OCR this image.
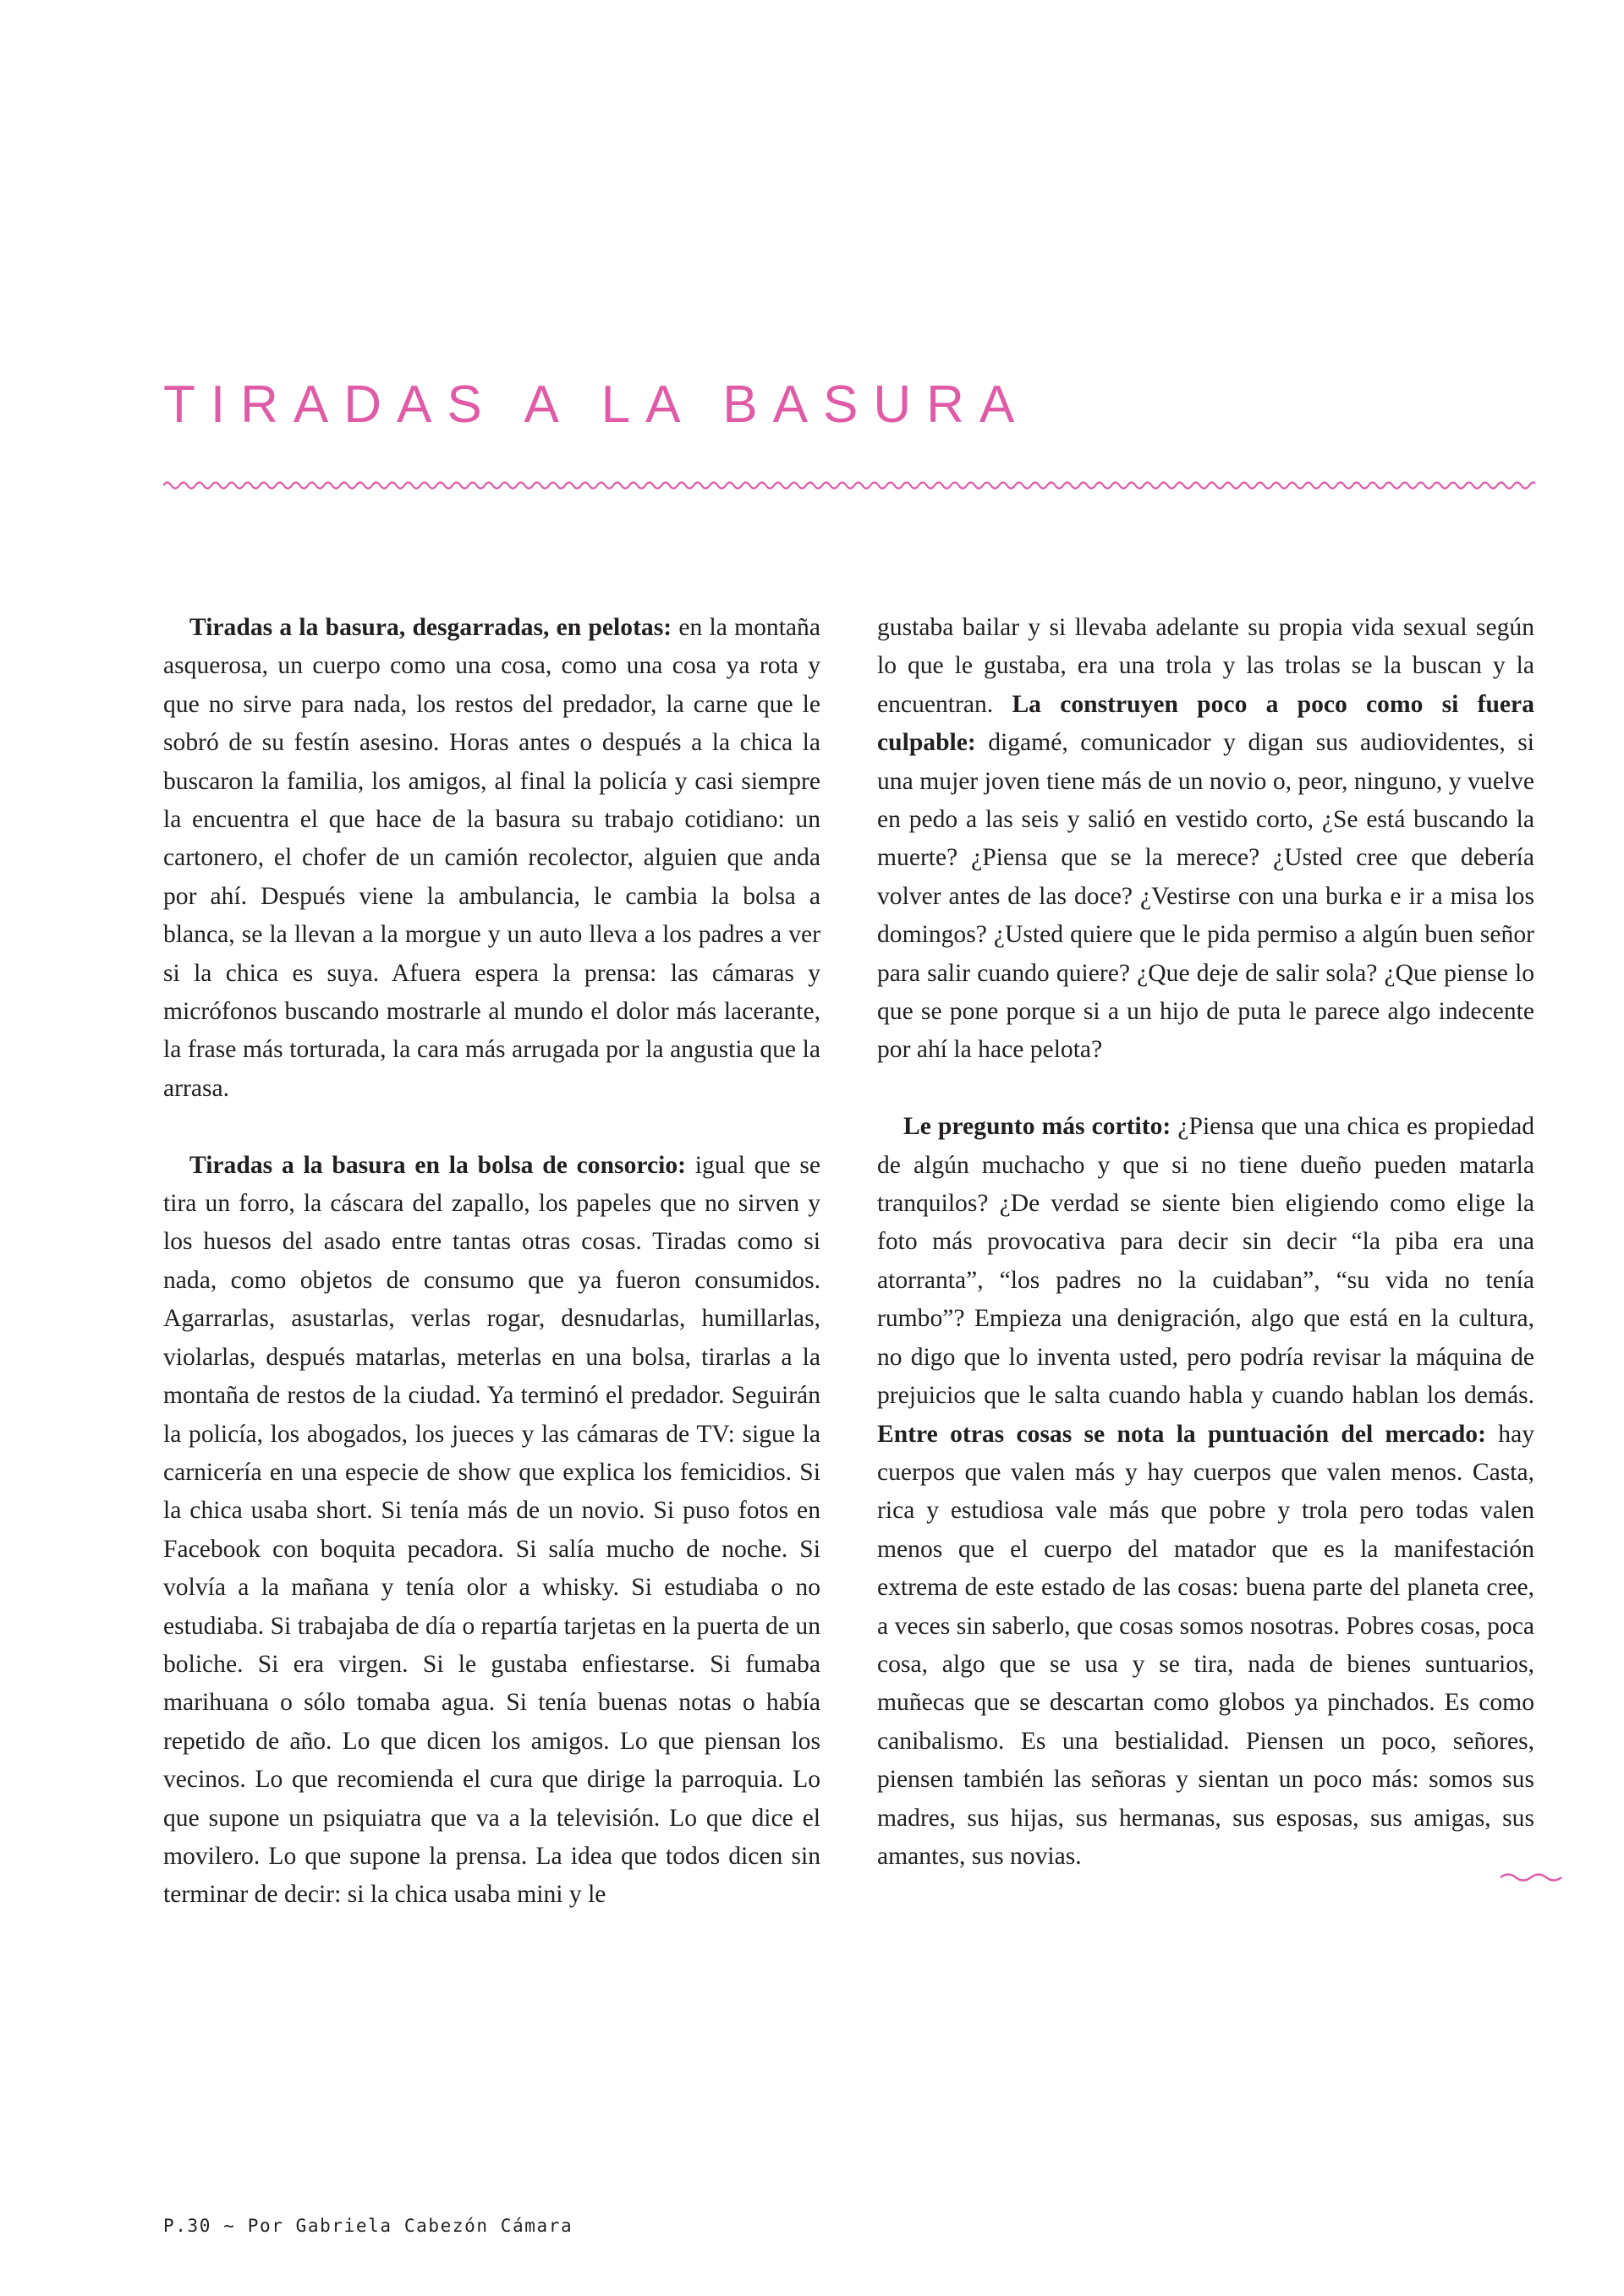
TIRADAS A LA BASURA

Tiradas a la basura, desgarradas, en pelotas: en la montaña asquerosa, un cuerpo como una cosa, como una cosa ya rota y que no sirve para nada, los restos del predador, la carne que le sobró de su festín asesino. Horas antes o después a la chica la buscaron la familia, los amigos, al final la policía y casi siempre la encuentra el que hace de la basura su trabajo cotidiano: un cartonero, el chofer de un camión recolector, alguien que anda por ahí. Después viene la ambulancia, le cambia la bolsa a blanca, se la llevan a la morgue y un auto lleva a los padres a ver si la chica es suya. Afuera espera la prensa: las cámaras y micrófonos buscando mostrarle al mundo el dolor más lacerante, la frase más torturada, la cara más arrugada por la angustia que la arrasa.

Tiradas a la basura en la bolsa de consorcio: igual que se tira un forro, la cáscara del zapallo, los papeles que no sirven y los huesos del asado entre tantas otras cosas. Tiradas como si nada, como objetos de consumo que ya fueron consumidos. Agarrarlas, asustarlas, verlas rogar, desnudarlas, humillarlas, violarlas, después matarlas, meterlas en una bolsa, tirarlas a la montaña de restos de la ciudad. Ya terminó el predador. Seguirán la policía, los abogados, los jueces y las cámaras de TV: sigue la carnicería en una especie de show que explica los femicidios. Si la chica usaba short. Si tenía más de un novio. Si puso fotos en Facebook con boquita pecadora. Si salía mucho de noche. Si volvía a la mañana y tenía olor a whisky. Si estudiaba o no estudiaba. Si trabajaba de día o repartía tarjetas en la puerta de un boliche. Si era virgen. Si le gustaba enfiestarse. Si fumaba marihuana o sólo tomaba agua. Si tenía buenas notas o había repetido de año. Lo que dicen los amigos. Lo que piensan los vecinos. Lo que recomienda el cura que dirige la parroquia. Lo que supone un psiquiatra que va a la televisión. Lo que dice el movilero. Lo que supone la prensa. La idea que todos dicen sin terminar de decir: si la chica usaba mini y le

gustaba bailar y si llevaba adelante su propia vida sexual según lo que le gustaba, era una trola y las trolas se la buscan y la encuentran. La construyen poco a poco como si fuera culpable: digamé, comunicador y digan sus audiovidentes, si una mujer joven tiene más de un novio o, peor, ninguno, y vuelve en pedo a las seis y salió en vestido corto, ¿Se está buscando la muerte? ¿Piensa que se la merece? ¿Usted cree que debería volver antes de las doce? ¿Vestirse con una burka e ir a misa los domingos? ¿Usted quiere que le pida permiso a algún buen señor para salir cuando quiere? ¿Que deje de salir sola? ¿Que piense lo que se pone porque si a un hijo de puta le parece algo indecente por ahí la hace pelota?

Le pregunto más cortito: ¿Piensa que una chica es propiedad de algún muchacho y que si no tiene dueño pueden matarla tranquilos? ¿De verdad se siente bien eligiendo como elige la foto más provocativa para decir sin decir “la piba era una atorranta”, “los padres no la cuidaban”, “su vida no tenía rumbo”? Empieza una denigración, algo que está en la cultura, no digo que lo inventa usted, pero podría revisar la máquina de prejuicios que le salta cuando habla y cuando hablan los demás. Entre otras cosas se nota la puntuación del mercado: hay cuerpos que valen más y hay cuerpos que valen menos. Casta, rica y estudiosa vale más que pobre y trola pero todas valen menos que el cuerpo del matador que es la manifestación extrema de este estado de las cosas: buena parte del planeta cree, a veces sin saberlo, que cosas somos nosotras. Pobres cosas, poca cosa, algo que se usa y se tira, nada de bienes suntuarios, muñecas que se descartan como globos ya pinchados. Es como canibalismo. Es una bestialidad. Piensen un poco, señores, piensen también las señoras y sientan un poco más: somos sus madres, sus hijas, sus hermanas, sus esposas, sus amigas, sus amantes, sus novias.

P.30 ~ Por Gabriela Cabezón Cámara
